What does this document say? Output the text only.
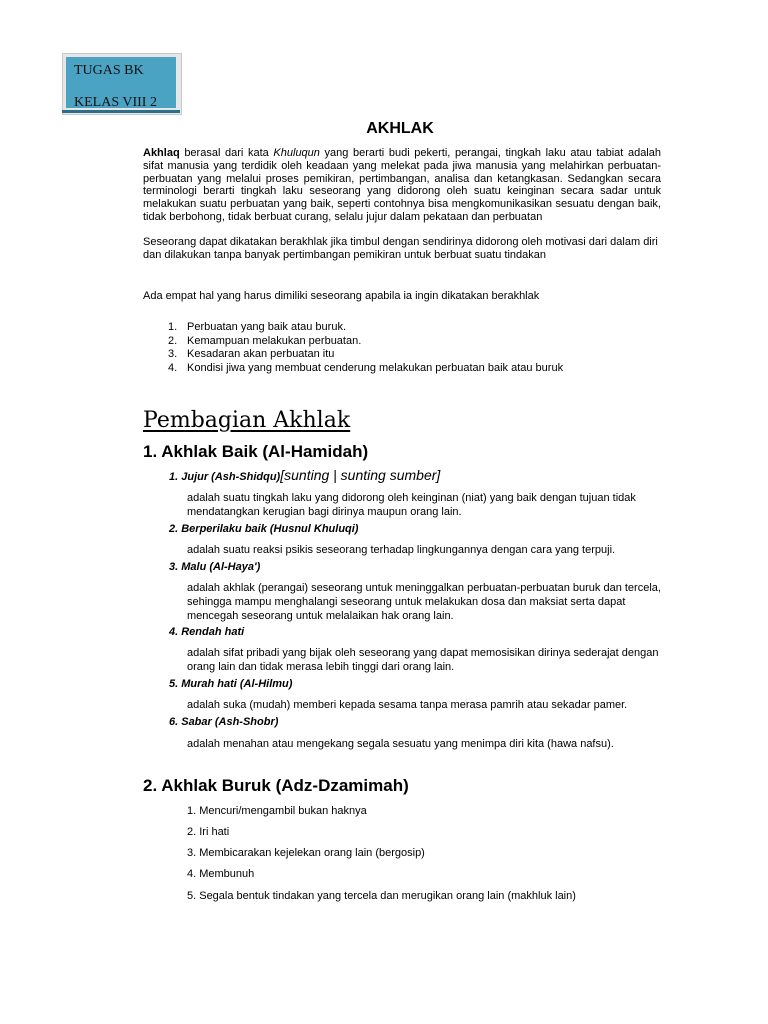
TUGAS BK
KELAS VIII 2
AKHLAK
Akhlaq berasal dari kata Khuluqun yang berarti budi pekerti, perangai, tingkah laku atau tabiat adalah sifat manusia yang terdidik oleh keadaan yang melekat pada jiwa manusia yang melahirkan perbuatan-perbuatan yang melalui proses pemikiran, pertimbangan, analisa dan ketangkasan. Sedangkan secara terminologi berarti tingkah laku seseorang yang didorong oleh suatu keinginan secara sadar untuk melakukan suatu perbuatan yang baik, seperti contohnya bisa mengkomunikasikan sesuatu dengan baik, tidak berbohong, tidak berbuat curang, selalu jujur dalam pekataan dan perbuatan
Seseorang dapat dikatakan berakhlak jika timbul dengan sendirinya didorong oleh motivasi dari dalam diri dan dilakukan tanpa banyak pertimbangan pemikiran untuk berbuat suatu tindakan
Ada empat hal yang harus dimiliki seseorang apabila ia ingin dikatakan berakhlak
1. Perbuatan yang baik atau buruk.
2. Kemampuan melakukan perbuatan.
3. Kesadaran akan perbuatan itu
4. Kondisi jiwa yang membuat cenderung melakukan perbuatan baik atau buruk
Pembagian Akhlak
1. Akhlak Baik (Al-Hamidah)
1. Jujur (Ash-Shidqu)[sunting | sunting sumber]
adalah suatu tingkah laku yang didorong oleh keinginan (niat) yang baik dengan tujuan tidak mendatangkan kerugian bagi dirinya maupun orang lain.
2. Berperilaku baik (Husnul Khuluqi)
adalah suatu reaksi psikis seseorang terhadap lingkungannya dengan cara yang terpuji.
3. Malu (Al-Haya')
adalah akhlak (perangai) seseorang untuk meninggalkan perbuatan-perbuatan buruk dan tercela, sehingga mampu menghalangi seseorang untuk melakukan dosa dan maksiat serta dapat mencegah seseorang untuk melalaikan hak orang lain.
4. Rendah hati
adalah sifat pribadi yang bijak oleh seseorang yang dapat memosisikan dirinya sederajat dengan orang lain dan tidak merasa lebih tinggi dari orang lain.
5. Murah hati (Al-Hilmu)
adalah suka (mudah) memberi kepada sesama tanpa merasa pamrih atau sekadar pamer.
6. Sabar (Ash-Shobr)
adalah menahan atau mengekang segala sesuatu yang menimpa diri kita (hawa nafsu).
2. Akhlak Buruk (Adz-Dzamimah)
1. Mencuri/mengambil bukan haknya
2. Iri hati
3. Membicarakan kejelekan orang lain (bergosip)
4. Membunuh
5. Segala bentuk tindakan yang tercela dan merugikan orang lain (makhluk lain)
